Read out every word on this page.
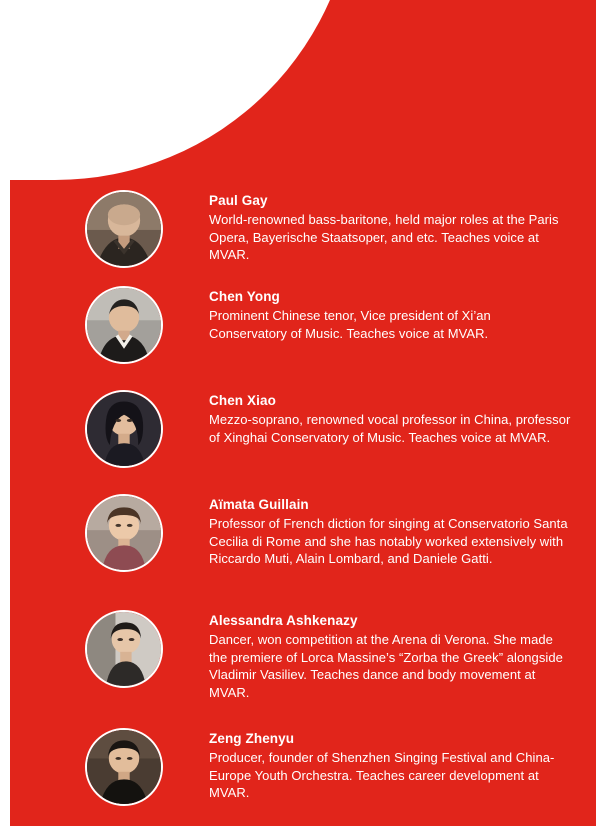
Paul Gay
World-renowned bass-baritone, held major roles at the Paris Opera, Bayerische Staatsoper, and etc. Teaches voice at MVAR.
Chen Yong
Prominent Chinese tenor, Vice president of Xi’an Conservatory of Music. Teaches voice at MVAR.
Chen Xiao
Mezzo-soprano, renowned vocal professor in China, professor of Xinghai Conservatory of Music. Teaches voice at MVAR.
Aïmata Guillain
Professor of French diction for singing at Conservatorio Santa Cecilia di Rome and she has notably worked extensively with Riccardo Muti, Alain Lombard, and Daniele Gatti.
Alessandra Ashkenazy
Dancer, won competition at the Arena di Verona. She made the premiere of Lorca Massine’s “Zorba the Greek” alongside Vladimir Vasiliev. Teaches dance and body movement at MVAR.
Zeng Zhenyu
Producer, founder of Shenzhen Singing Festival and China-Europe Youth Orchestra. Teaches career development at MVAR.
